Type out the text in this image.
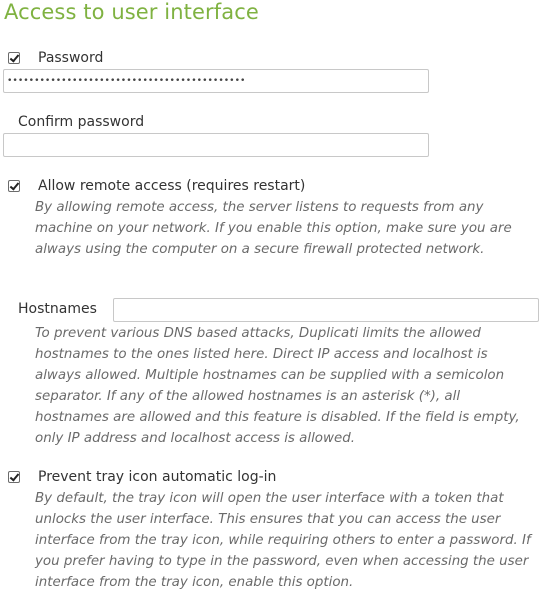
Access to user interface
Password
••••••••••••••••••••••••••••••••••••••••••••
Confirm password
Allow remote access (requires restart)
By allowing remote access, the server listens to requests from any machine on your network. If you enable this option, make sure you are always using the computer on a secure firewall protected network.
Hostnames
To prevent various DNS based attacks, Duplicati limits the allowed hostnames to the ones listed here. Direct IP access and localhost is always allowed. Multiple hostnames can be supplied with a semicolon separator. If any of the allowed hostnames is an asterisk (*), all hostnames are allowed and this feature is disabled. If the field is empty, only IP address and localhost access is allowed.
Prevent tray icon automatic log-in
By default, the tray icon will open the user interface with a token that unlocks the user interface. This ensures that you can access the user interface from the tray icon, while requiring others to enter a password. If you prefer having to type in the password, even when accessing the user interface from the tray icon, enable this option.
